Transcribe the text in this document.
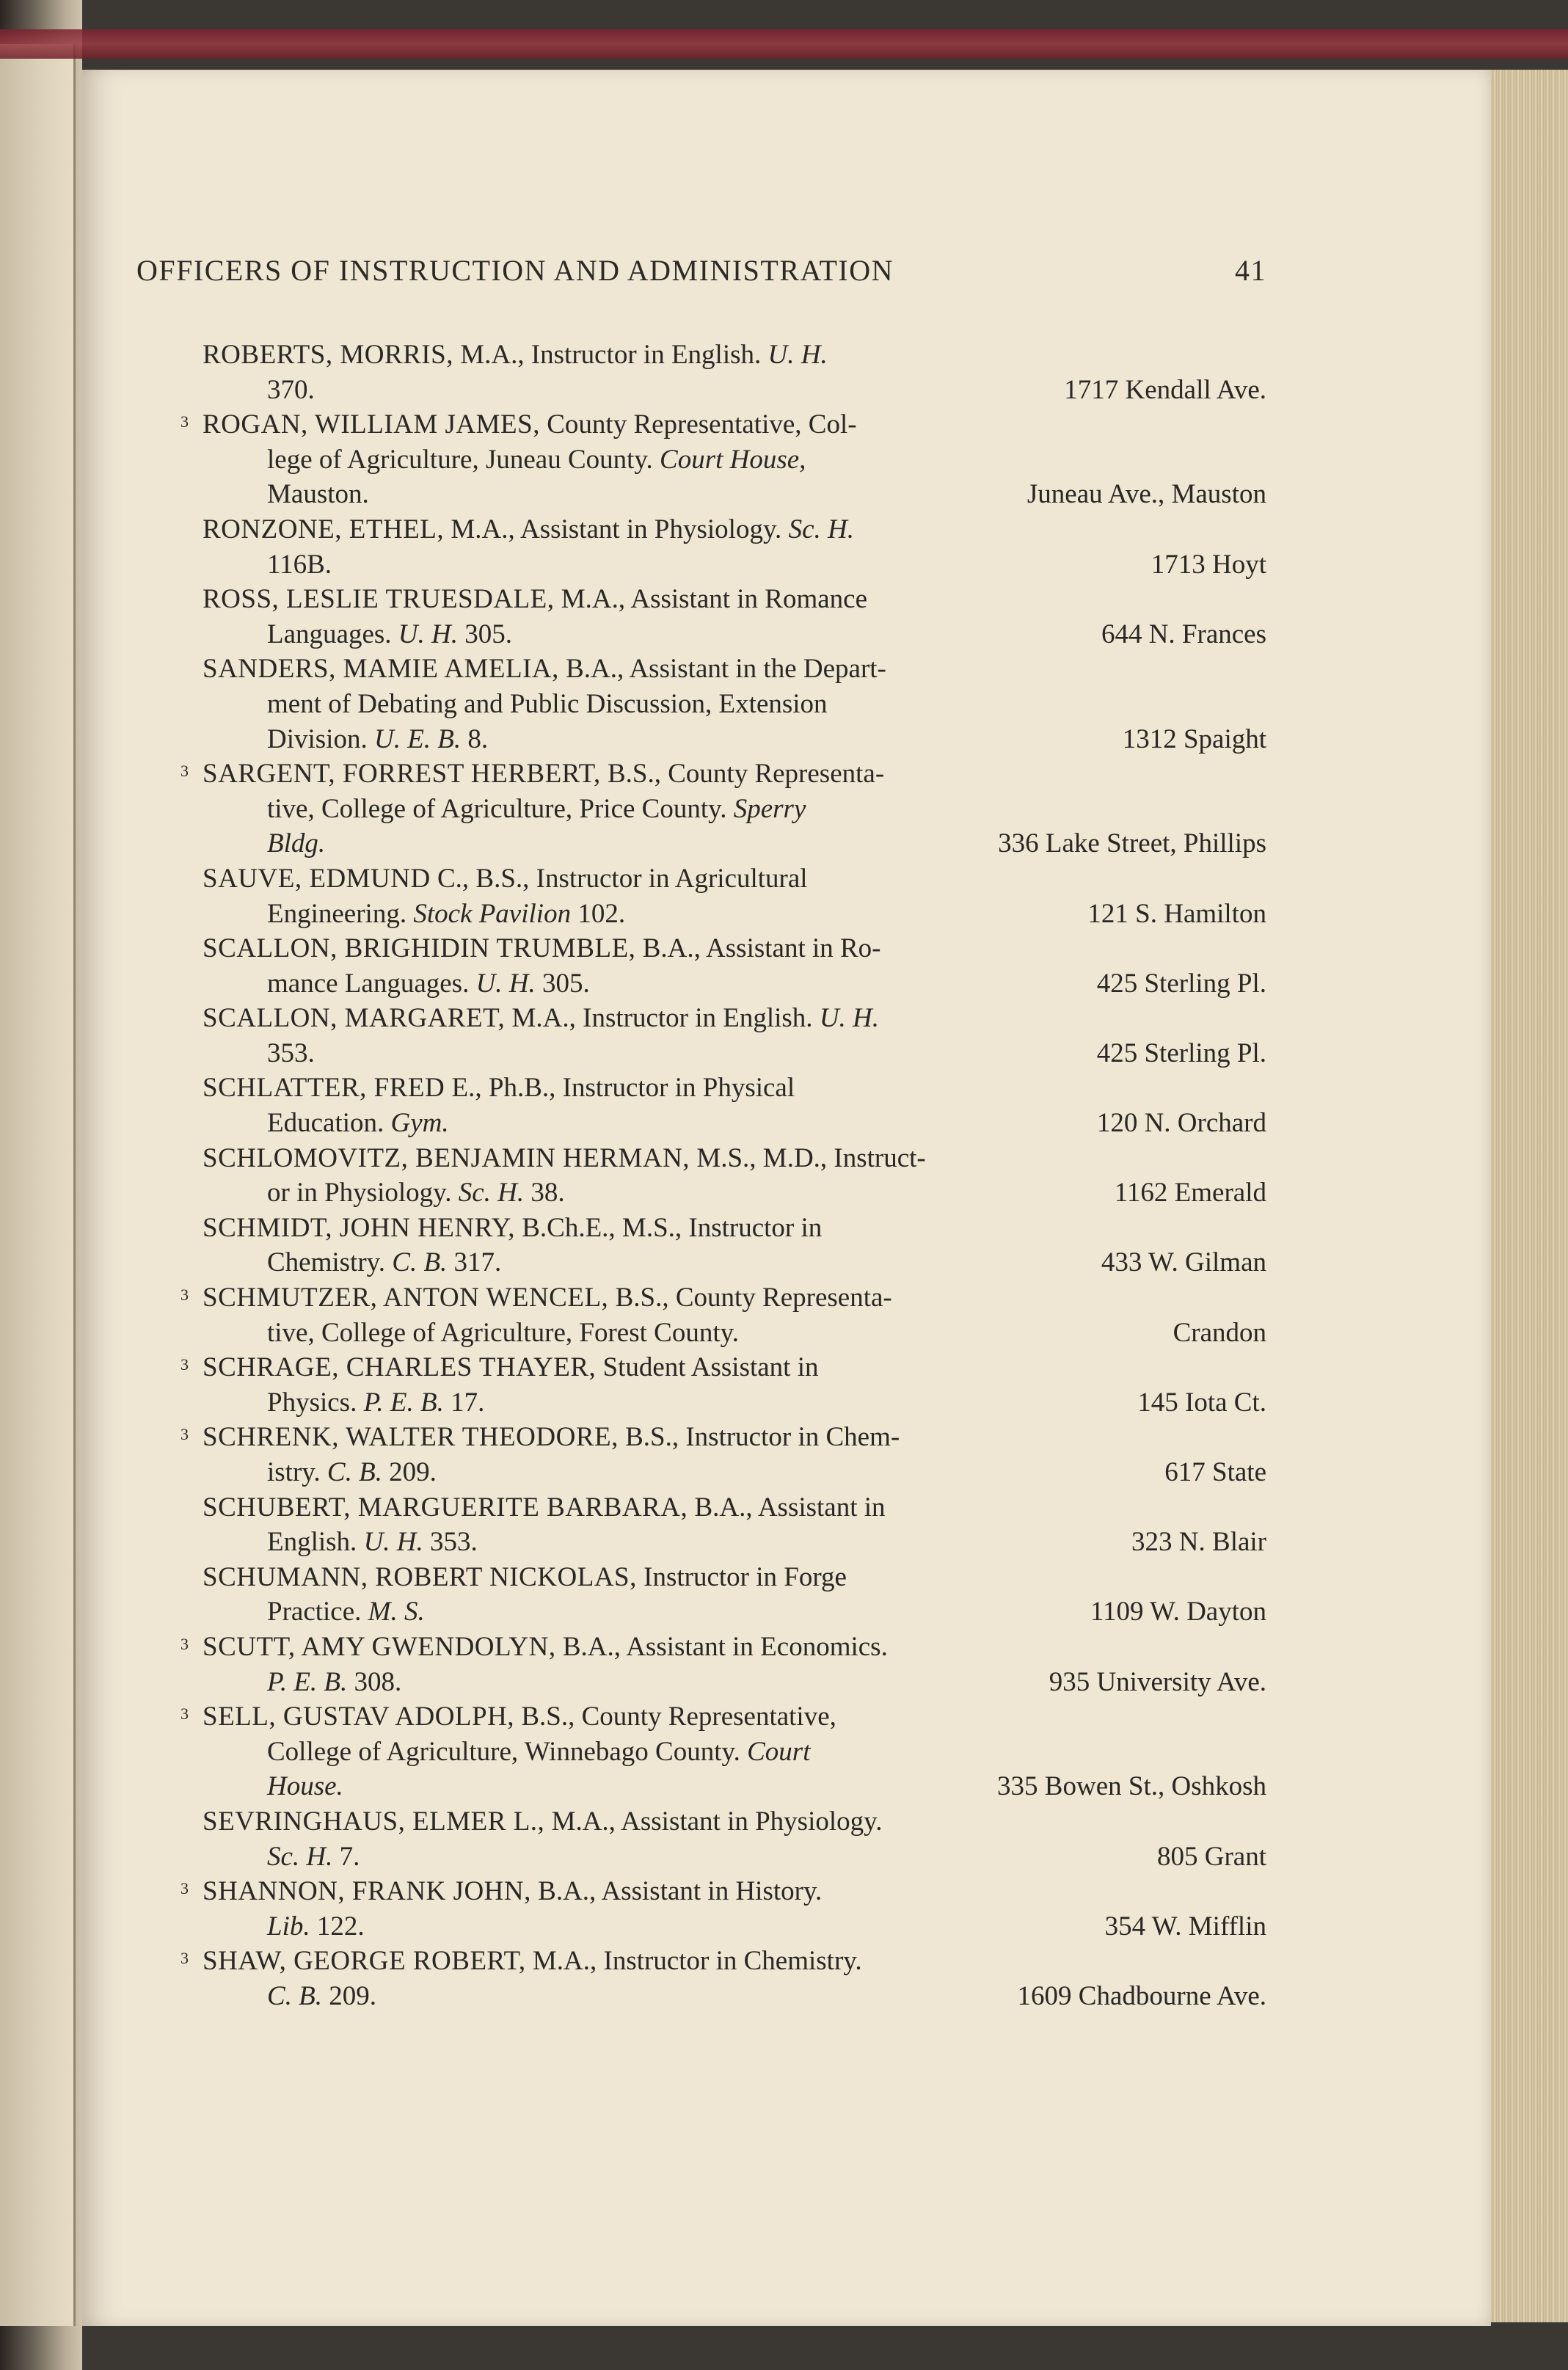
OFFICERS OF INSTRUCTION AND ADMINISTRATION	41
ROBERTS, MORRIS, M.A., Instructor in English. U. H.
370.	1717 Kendall Ave.
3 ROGAN, WILLIAM JAMES, County Representative, Col-
lege of Agriculture, Juneau County. Court House,
Mauston.	Juneau Ave., Mauston
RONZONE, ETHEL, M.A., Assistant in Physiology. Sc. H.
116B.	1713 Hoyt
ROSS, LESLIE TRUESDALE, M.A., Assistant in Romance
Languages. U. H. 305.	644 N. Frances
SANDERS, MAMIE AMELIA, B.A., Assistant in the Depart-
ment of Debating and Public Discussion, Extension
Division. U. E. B. 8.	1312 Spaight
3 SARGENT, FORREST HERBERT, B.S., County Representa-
tive, College of Agriculture, Price County. Sperry
Bldg.	336 Lake Street, Phillips
SAUVE, EDMUND C., B.S., Instructor in Agricultural
Engineering. Stock Pavilion 102.	121 S. Hamilton
SCALLON, BRIGHIDIN TRUMBLE, B.A., Assistant in Ro-
mance Languages. U. H. 305.	425 Sterling Pl.
SCALLON, MARGARET, M.A., Instructor in English. U. H.
353.	425 Sterling Pl.
SCHLATTER, FRED E., Ph.B., Instructor in Physical
Education. Gym.	120 N. Orchard
SCHLOMOVITZ, BENJAMIN HERMAN, M.S., M.D., Instruct-
or in Physiology. Sc. H. 38.	1162 Emerald
SCHMIDT, JOHN HENRY, B.Ch.E., M.S., Instructor in
Chemistry. C. B. 317.	433 W. Gilman
3 SCHMUTZER, ANTON WENCEL, B.S., County Representa-
tive, College of Agriculture, Forest County.	Crandon
3 SCHRAGE, CHARLES THAYER, Student Assistant in
Physics. P. E. B. 17.	145 Iota Ct.
3 SCHRENK, WALTER THEODORE, B.S., Instructor in Chem-
istry. C. B. 209.	617 State
SCHUBERT, MARGUERITE BARBARA, B.A., Assistant in
English. U. H. 353.	323 N. Blair
SCHUMANN, ROBERT NICKOLAS, Instructor in Forge
Practice. M. S.	1109 W. Dayton
3 SCUTT, AMY GWENDOLYN, B.A., Assistant in Economics.
P. E. B. 308.	935 University Ave.
3 SELL, GUSTAV ADOLPH, B.S., County Representative,
College of Agriculture, Winnebago County. Court
House.	335 Bowen St., Oshkosh
SEVRINGHAUS, ELMER L., M.A., Assistant in Physiology.
Sc. H. 7.	805 Grant
3 SHANNON, FRANK JOHN, B.A., Assistant in History.
Lib. 122.	354 W. Mifflin
3 SHAW, GEORGE ROBERT, M.A., Instructor in Chemistry.
C. B. 209.	1609 Chadbourne Ave.
